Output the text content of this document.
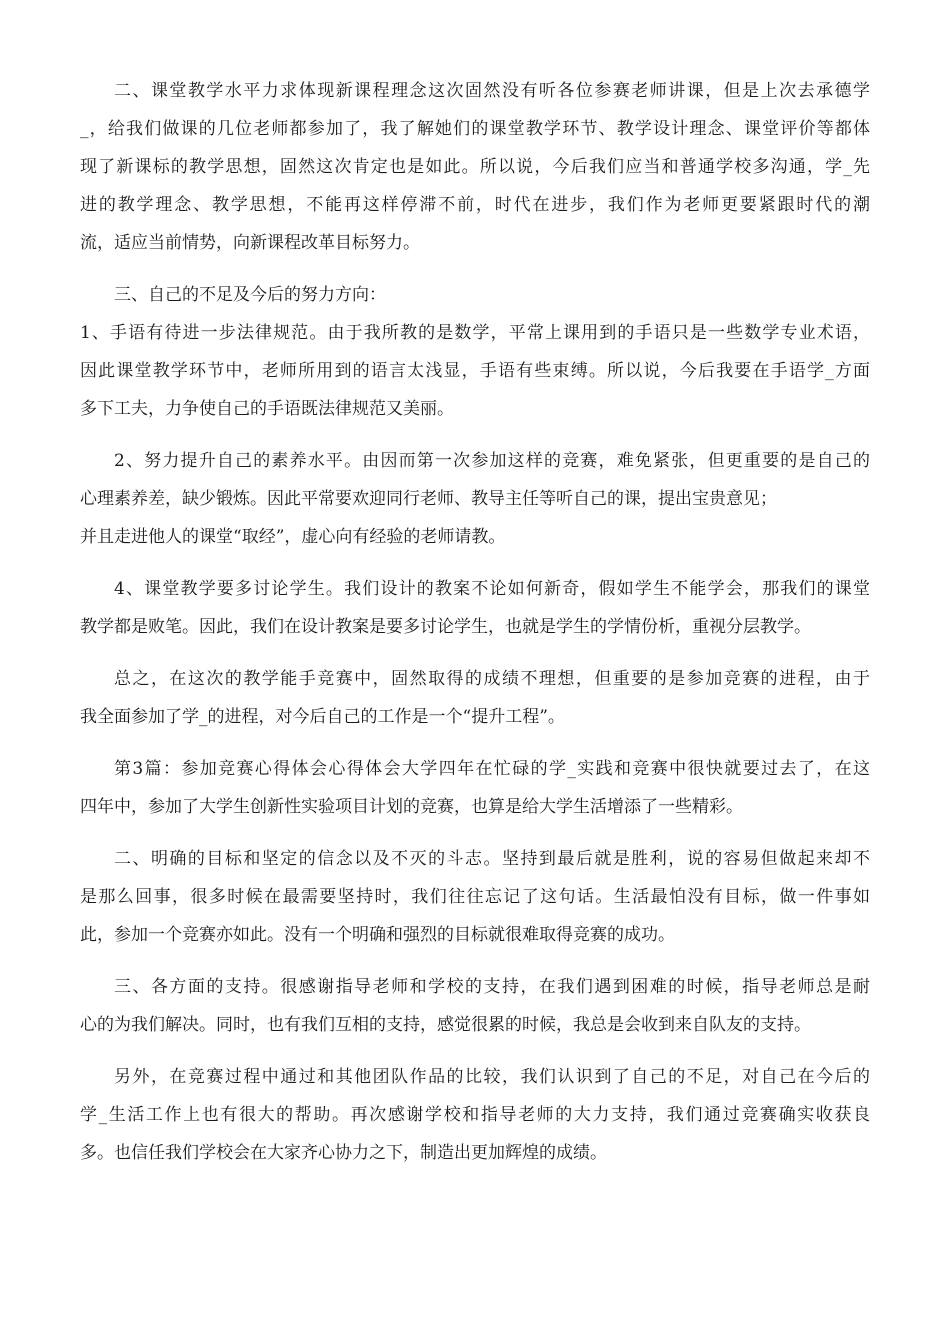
二、课堂教学水平力求体现新课程理念这次固然没有听各位参赛老师讲课，但是上次去承德学
_，给我们做课的几位老师都参加了，我了解她们的课堂教学环节、教学设计理念、课堂评价等都体
现了新课标的教学思想，固然这次肯定也是如此。所以说，今后我们应当和普通学校多沟通，学_先
进的教学理念、教学思想，不能再这样停滞不前，时代在进步，我们作为老师更要紧跟时代的潮
流，适应当前情势，向新课程改革目标努力。
三、自己的不足及今后的努力方向：
1、手语有待进一步法律规范。由于我所教的是数学，平常上课用到的手语只是一些数学专业术语，
因此课堂教学环节中，老师所用到的语言太浅显，手语有些束缚。所以说，今后我要在手语学_方面
多下工夫，力争使自己的手语既法律规范又美丽。
2、努力提升自己的素养水平。由因而第一次参加这样的竞赛，难免紧张，但更重要的是自己的
心理素养差，缺少锻炼。因此平常要欢迎同行老师、教导主任等听自己的课，提出宝贵意见；
并且走进他人的课堂“取经”，虚心向有经验的老师请教。
4、课堂教学要多讨论学生。我们设计的教案不论如何新奇，假如学生不能学会，那我们的课堂
教学都是败笔。因此，我们在设计教案是要多讨论学生，也就是学生的学情份析，重视分层教学。
总之，在这次的教学能手竞赛中，固然取得的成绩不理想，但重要的是参加竞赛的进程，由于
我全面参加了学_的进程，对今后自己的工作是一个“提升工程”。
第3篇：参加竞赛心得体会心得体会大学四年在忙碌的学_实践和竞赛中很快就要过去了，在这
四年中，参加了大学生创新性实验项目计划的竞赛，也算是给大学生活增添了一些精彩。
二、明确的目标和坚定的信念以及不灭的斗志。坚持到最后就是胜利，说的容易但做起来却不
是那么回事，很多时候在最需要坚持时，我们往往忘记了这句话。生活最怕没有目标，做一件事如
此，参加一个竞赛亦如此。没有一个明确和强烈的目标就很难取得竞赛的成功。
三、各方面的支持。很感谢指导老师和学校的支持，在我们遇到困难的时候，指导老师总是耐
心的为我们解决。同时，也有我们互相的支持，感觉很累的时候，我总是会收到来自队友的支持。
另外，在竞赛过程中通过和其他团队作品的比较，我们认识到了自己的不足，对自己在今后的
学_生活工作上也有很大的帮助。再次感谢学校和指导老师的大力支持，我们通过竞赛确实收获良
多。也信任我们学校会在大家齐心协力之下，制造出更加辉煌的成绩。
